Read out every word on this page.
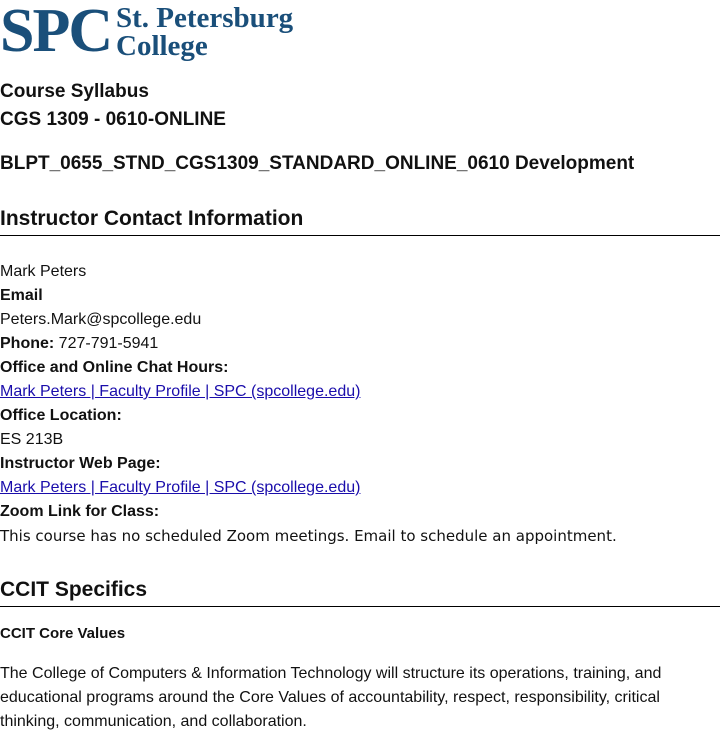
SPC St. Petersburg
College
Course Syllabus
CGS 1309 - 0610-ONLINE
BLPT_0655_STND_CGS1309_STANDARD_ONLINE_0610 Development
Instructor Contact Information
Mark Peters
Email
Peters.Mark@spcollege.edu
Phone: 727-791-5941
Office and Online Chat Hours:
Mark Peters | Faculty Profile | SPC (spcollege.edu)
Office Location:
ES 213B
Instructor Web Page:
Mark Peters | Faculty Profile | SPC (spcollege.edu)
Zoom Link for Class:
This course has no scheduled Zoom meetings. Email to schedule an appointment.
CCIT Specifics
CCIT Core Values
The College of Computers & Information Technology will structure its operations, training, and educational programs around the Core Values of accountability, respect, responsibility, critical thinking, communication, and collaboration.
